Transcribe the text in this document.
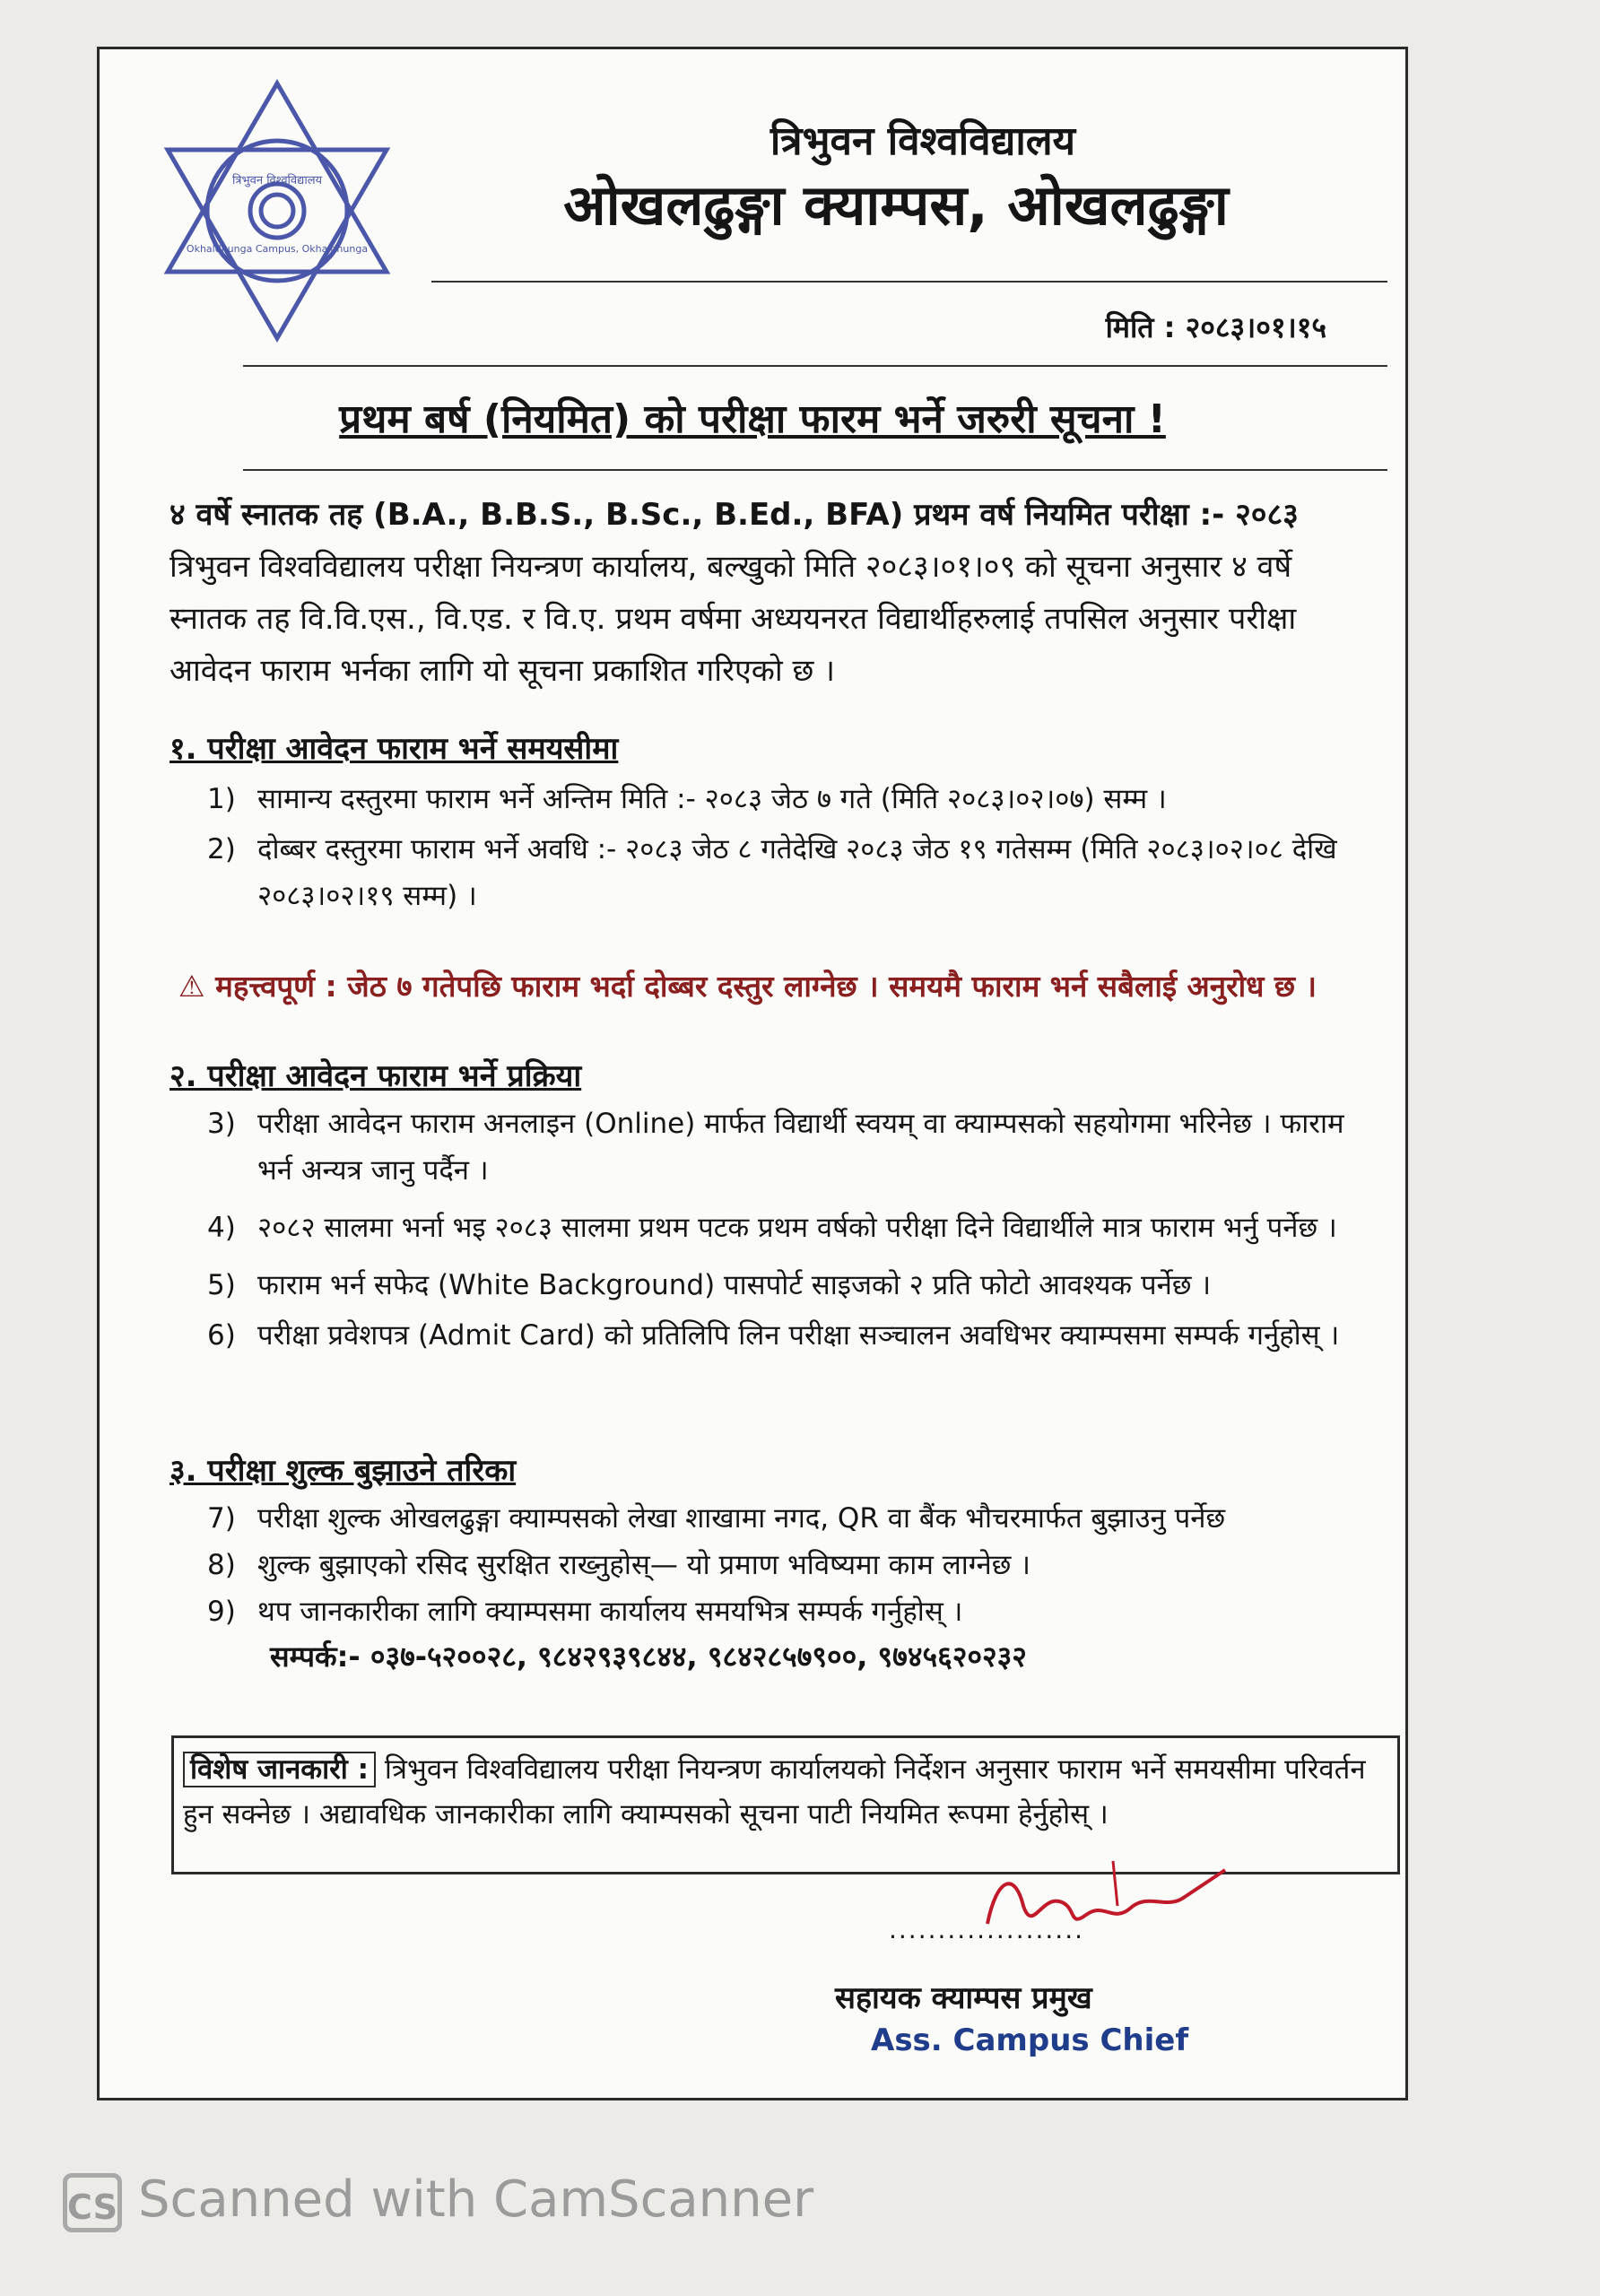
त्रिभुवन विश्वविद्यालय
Okhaldhunga Campus, Okhaldhunga
त्रिभुवन विश्वविद्यालय
ओखलढुङ्गा क्याम्पस, ओखलढुङ्गा
मिति : २०८३।०१।१५
प्रथम बर्ष (नियमित) को परीक्षा फारम भर्ने जरुरी सूचना !
४ वर्षे स्नातक तह (B.A., B.B.S., B.Sc., B.Ed., BFA) प्रथम वर्ष नियमित परीक्षा :- २०८३
त्रिभुवन विश्वविद्यालय परीक्षा नियन्त्रण कार्यालय, बल्खुको मिति २०८३।०१।०९ को सूचना अनुसार ४ वर्षे स्नातक तह वि.वि.एस., वि.एड. र वि.ए. प्रथम वर्षमा अध्ययनरत विद्यार्थीहरुलाई तपसिल अनुसार परीक्षा आवेदन फाराम भर्नका लागि यो सूचना प्रकाशित गरिएको छ ।
१. परीक्षा आवेदन फाराम भर्ने समयसीमा
1) सामान्य दस्तुरमा फाराम भर्ने अन्तिम मिति :- २०८३ जेठ ७ गते (मिति २०८३।०२।०७) सम्म ।
2) दोब्बर दस्तुरमा फाराम भर्ने अवधि :- २०८३ जेठ ८ गतेदेखि २०८३ जेठ १९ गतेसम्म (मिति २०८३।०२।०८ देखि २०८३।०२।१९ सम्म) ।
⚠ महत्त्वपूर्ण : जेठ ७ गतेपछि फाराम भर्दा दोब्बर दस्तुर लाग्नेछ । समयमै फाराम भर्न सबैलाई अनुरोध छ ।
२. परीक्षा आवेदन फाराम भर्ने प्रक्रिया
3) परीक्षा आवेदन फाराम अनलाइन (Online) मार्फत विद्यार्थी स्वयम् वा क्याम्पसको सहयोगमा भरिनेछ । फाराम भर्न अन्यत्र जानु पर्दैन ।
4) २०८२ सालमा भर्ना भइ २०८३ सालमा प्रथम पटक प्रथम वर्षको परीक्षा दिने विद्यार्थीले मात्र फाराम भर्नु पर्नेछ ।
5) फाराम भर्न सफेद (White Background) पासपोर्ट साइजको २ प्रति फोटो आवश्यक पर्नेछ ।
6) परीक्षा प्रवेशपत्र (Admit Card) को प्रतिलिपि लिन परीक्षा सञ्चालन अवधिभर क्याम्पसमा सम्पर्क गर्नुहोस् ।
३. परीक्षा शुल्क बुझाउने तरिका
7) परीक्षा शुल्क ओखलढुङ्गा क्याम्पसको लेखा शाखामा नगद, QR वा बैंक भौचरमार्फत बुझाउनु पर्नेछ
8) शुल्क बुझाएको रसिद सुरक्षित राख्नुहोस्— यो प्रमाण भविष्यमा काम लाग्नेछ ।
9) थप जानकारीका लागि क्याम्पसमा कार्यालय समयभित्र सम्पर्क गर्नुहोस् ।
सम्पर्क:- ०३७-५२००२८, ९८४२९३९८४४, ९८४२८५७९००, ९७४५६२०२३२
विशेष जानकारी : त्रिभुवन विश्वविद्यालय परीक्षा नियन्त्रण कार्यालयको निर्देशन अनुसार फाराम भर्ने समयसीमा परिवर्तन हुन सक्नेछ । अद्यावधिक जानकारीका लागि क्याम्पसको सूचना पाटी नियमित रूपमा हेर्नुहोस् ।
....................
सहायक क्याम्पस प्रमुख
Ass. Campus Chief
CS Scanned with CamScanner
